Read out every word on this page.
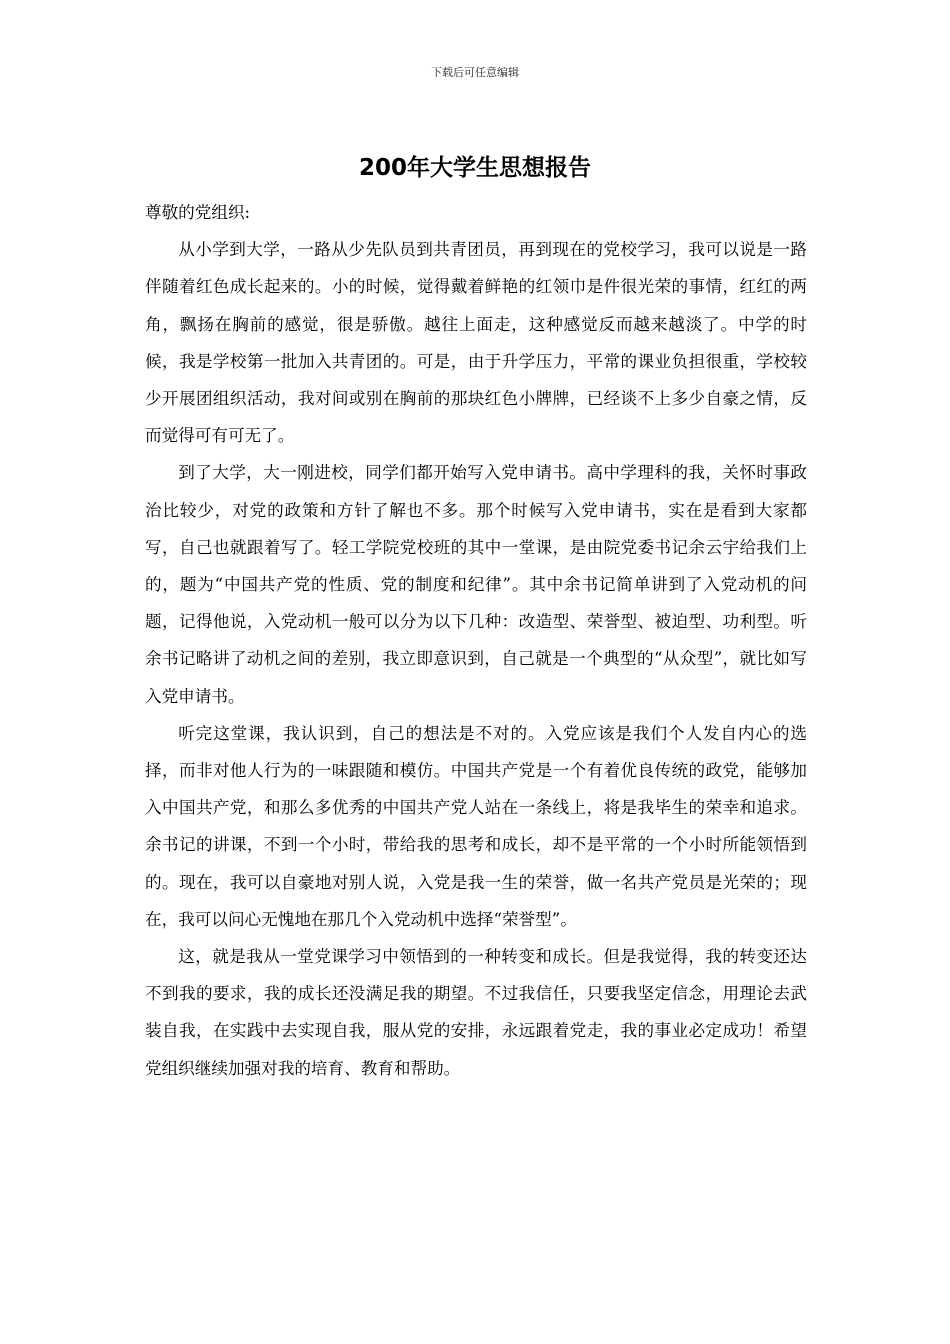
下载后可任意编辑
200年大学生思想报告

尊敬的党组织:

从小学到大学，一路从少先队员到共青团员，再到现在的党校学习，我可以说是一路伴随着红色成长起来的。小的时候，觉得戴着鲜艳的红领巾是件很光荣的事情，红红的两角，飘扬在胸前的感觉，很是骄傲。越往上面走，这种感觉反而越来越淡了。中学的时候，我是学校第一批加入共青团的。可是，由于升学压力，平常的课业负担很重，学校较少开展团组织活动，我对间或别在胸前的那块红色小牌牌，已经谈不上多少自豪之情，反而觉得可有可无了。

到了大学，大一刚进校，同学们都开始写入党申请书。高中学理科的我，关怀时事政治比较少，对党的政策和方针了解也不多。那个时候写入党申请书，实在是看到大家都写，自己也就跟着写了。轻工学院党校班的其中一堂课，是由院党委书记余云宇给我们上的，题为“中国共产党的性质、党的制度和纪律”。其中余书记简单讲到了入党动机的问题，记得他说，入党动机一般可以分为以下几种：改造型、荣誉型、被迫型、功利型。听余书记略讲了动机之间的差别，我立即意识到，自己就是一个典型的“从众型”，就比如写入党申请书。

听完这堂课，我认识到，自己的想法是不对的。入党应该是我们个人发自内心的选择，而非对他人行为的一味跟随和模仿。中国共产党是一个有着优良传统的政党，能够加入中国共产党，和那么多优秀的中国共产党人站在一条线上，将是我毕生的荣幸和追求。余书记的讲课，不到一个小时，带给我的思考和成长，却不是平常的一个小时所能领悟到的。现在，我可以自豪地对别人说，入党是我一生的荣誉，做一名共产党员是光荣的；现在，我可以问心无愧地在那几个入党动机中选择“荣誉型”。

这，就是我从一堂党课学习中领悟到的一种转变和成长。但是我觉得，我的转变还达不到我的要求，我的成长还没满足我的期望。不过我信任，只要我坚定信念，用理论去武装自我，在实践中去实现自我，服从党的安排，永远跟着党走，我的事业必定成功！希望党组织继续加强对我的培育、教育和帮助。
